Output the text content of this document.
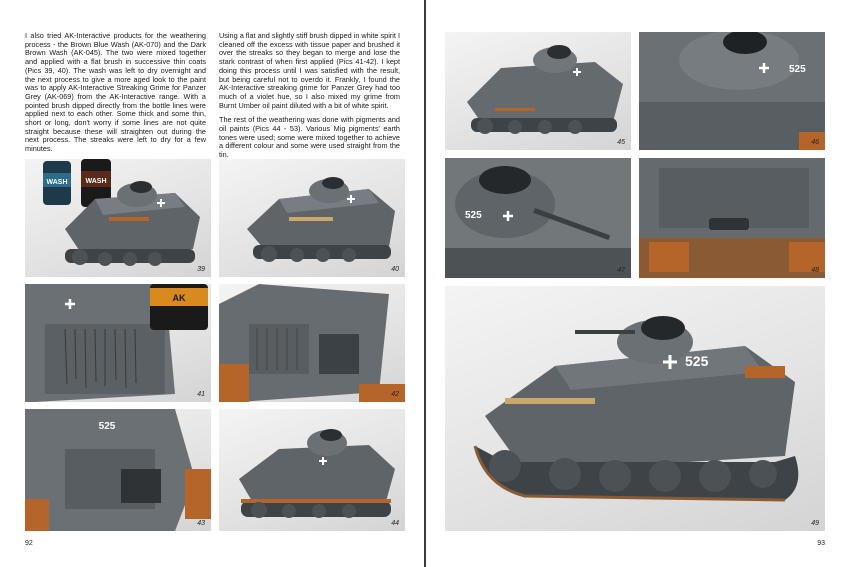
I also tried AK-Interactive products for the weathering process - the Brown Blue Wash (AK-070) and the Dark Brown Wash (AK-045). The two were mixed together and applied with a flat brush in successive thin coats (Pics 39, 40). The wash was left to dry overnight and the next process to give a more aged look to the paint was to apply AK-Interactive Streaking Grime for Panzer Grey (AK-069) from the AK-Interactive range. With a pointed brush dipped directly from the bottle lines were applied next to each other. Some thick and some thin, short or long, don't worry if some lines are not quite straight because these will straighten out during the next process. The streaks were left to dry for a few minutes.

Using a flat and slightly stiff brush dipped in white spirit I cleaned off the excess with tissue paper and brushed it over the streaks so they began to merge and lose the stark contrast of when first applied (Pics 41-42). I kept doing this process until I was satisfied with the result, but being careful not to overdo it. Frankly, I found the AK-Interactive streaking grime for Panzer Grey had too much of a violet hue, so I also mixed my grime from Burnt Umber oil paint diluted with a bit of white spirit.

The rest of the weathering was done with pigments and oil paints (Pics 44 - 53). Various Mig pigments' earth tones were used; some were mixed together to achieve a different colour and some were used straight from the tin.

WASH	WASH
39	40
AK
41	42
525
43	44
92
45
525
46
525
47	48
525
49
93
